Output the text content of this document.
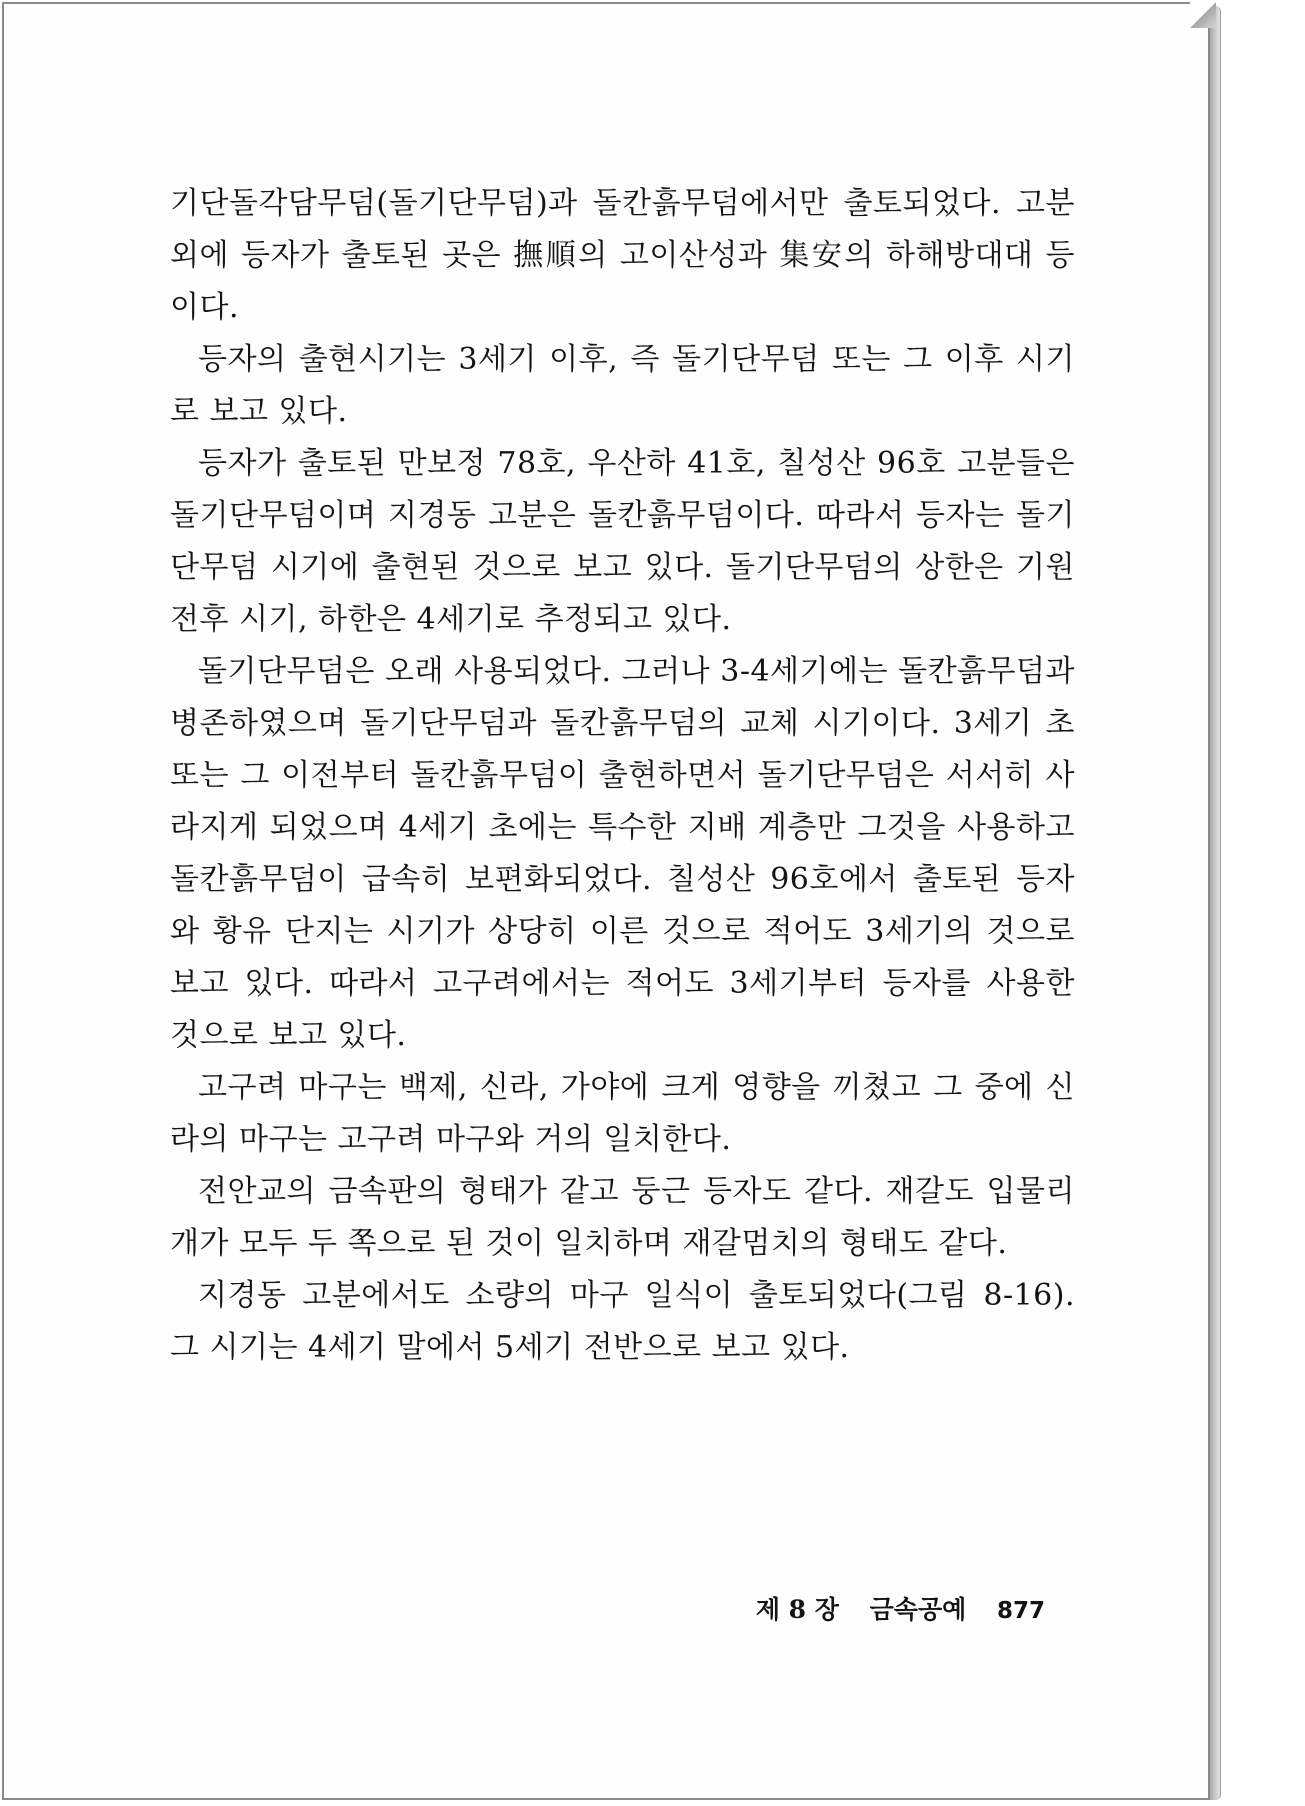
기단돌각담무덤(돌기단무덤)과 돌칸흙무덤에서만 출토되었다. 고분 외에 등자가 출토된 곳은 撫順의 고이산성과 集安의 하해방대대 등이다.

등자의 출현시기는 3세기 이후, 즉 돌기단무덤 또는 그 이후 시기로 보고 있다.

등자가 출토된 만보정 78호, 우산하 41호, 칠성산 96호 고분들은 돌기단무덤이며 지경동 고분은 돌칸흙무덤이다. 따라서 등자는 돌기단무덤 시기에 출현된 것으로 보고 있다. 돌기단무덤의 상한은 기원 전후 시기, 하한은 4세기로 추정되고 있다.

돌기단무덤은 오래 사용되었다. 그러나 3-4세기에는 돌칸흙무덤과 병존하였으며 돌기단무덤과 돌칸흙무덤의 교체 시기이다. 3세기 초 또는 그 이전부터 돌칸흙무덤이 출현하면서 돌기단무덤은 서서히 사라지게 되었으며 4세기 초에는 특수한 지배 계층만 그것을 사용하고 돌칸흙무덤이 급속히 보편화되었다. 칠성산 96호에서 출토된 등자와 황유 단지는 시기가 상당히 이른 것으로 적어도 3세기의 것으로 보고 있다. 따라서 고구려에서는 적어도 3세기부터 등자를 사용한 것으로 보고 있다.

고구려 마구는 백제, 신라, 가야에 크게 영향을 끼쳤고 그 중에 신라의 마구는 고구려 마구와 거의 일치한다.

전안교의 금속판의 형태가 같고 둥근 등자도 같다. 재갈도 입물리개가 모두 두 쪽으로 된 것이 일치하며 재갈멈치의 형태도 같다.

지경동 고분에서도 소량의 마구 일식이 출토되었다(그림 8-16). 그 시기는 4세기 말에서 5세기 전반으로 보고 있다.

제 8 장 금속공예 877
